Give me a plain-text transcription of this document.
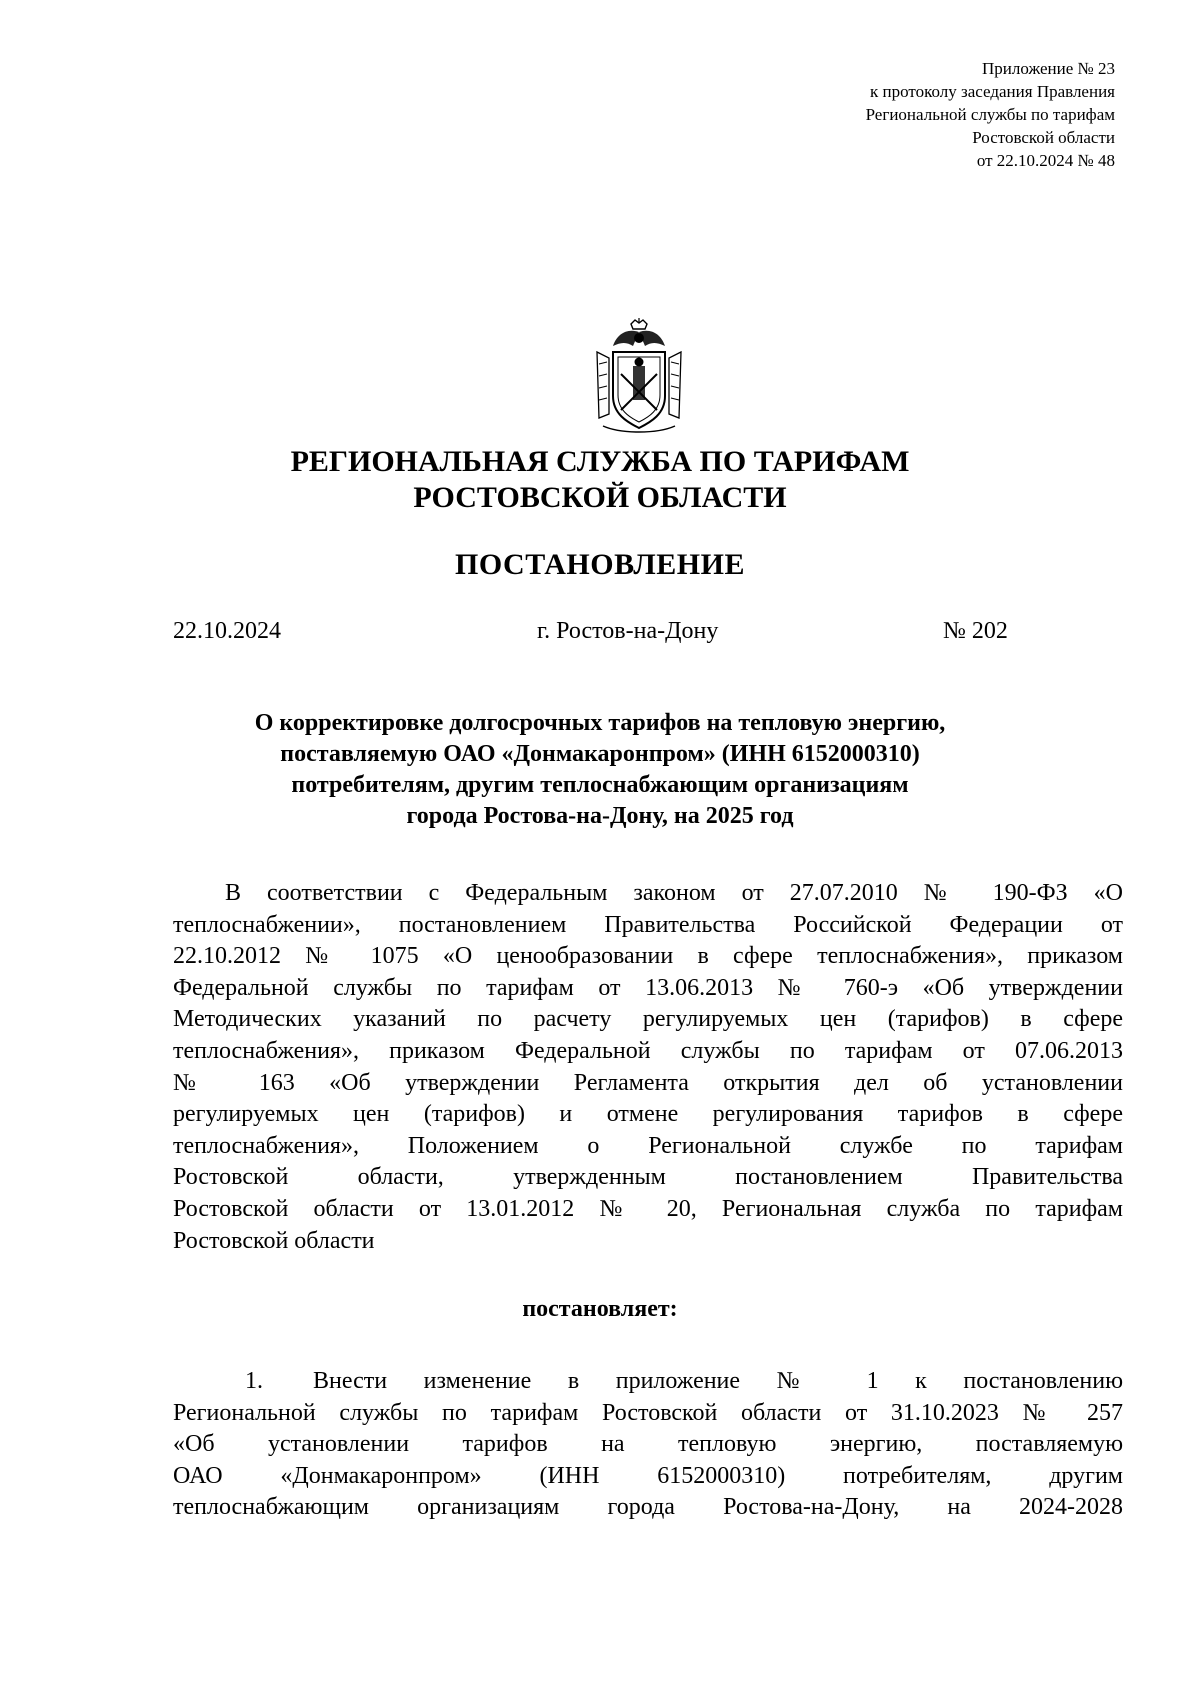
Приложение № 23
к протоколу заседания Правления
Региональной службы по тарифам
Ростовской области
от 22.10.2024 № 48
РЕГИОНАЛЬНАЯ СЛУЖБА ПО ТАРИФАМ
РОСТОВСКОЙ ОБЛАСТИ
ПОСТАНОВЛЕНИЕ
22.10.2024	г. Ростов-на-Дону	№ 202
О корректировке долгосрочных тарифов на тепловую энергию,
поставляемую ОАО «Донмакаронпром» (ИНН 6152000310)
потребителям, другим теплоснабжающим организациям
города Ростова-на-Дону, на 2025 год
В соответствии с Федеральным законом от 27.07.2010 № 190-ФЗ «О
теплоснабжении», постановлением Правительства Российской Федерации от
22.10.2012 № 1075 «О ценообразовании в сфере теплоснабжения», приказом
Федеральной службы по тарифам от 13.06.2013 № 760-э «Об утверждении
Методических указаний по расчету регулируемых цен (тарифов) в сфере
теплоснабжения», приказом Федеральной службы по тарифам от 07.06.2013
№ 163 «Об утверждении Регламента открытия дел об установлении
регулируемых цен (тарифов) и отмене регулирования тарифов в сфере
теплоснабжения», Положением о Региональной службе по тарифам
Ростовской области, утвержденным постановлением Правительства
Ростовской области от 13.01.2012 № 20, Региональная служба по тарифам
Ростовской области
постановляет:
1. Внести изменение в приложение № 1 к постановлению
Региональной службы по тарифам Ростовской области от 31.10.2023 № 257
«Об установлении тарифов на тепловую энергию, поставляемую
ОАО «Донмакаронпром» (ИНН 6152000310) потребителям, другим
теплоснабжающим организациям города Ростова-на-Дону, на 2024-2028
